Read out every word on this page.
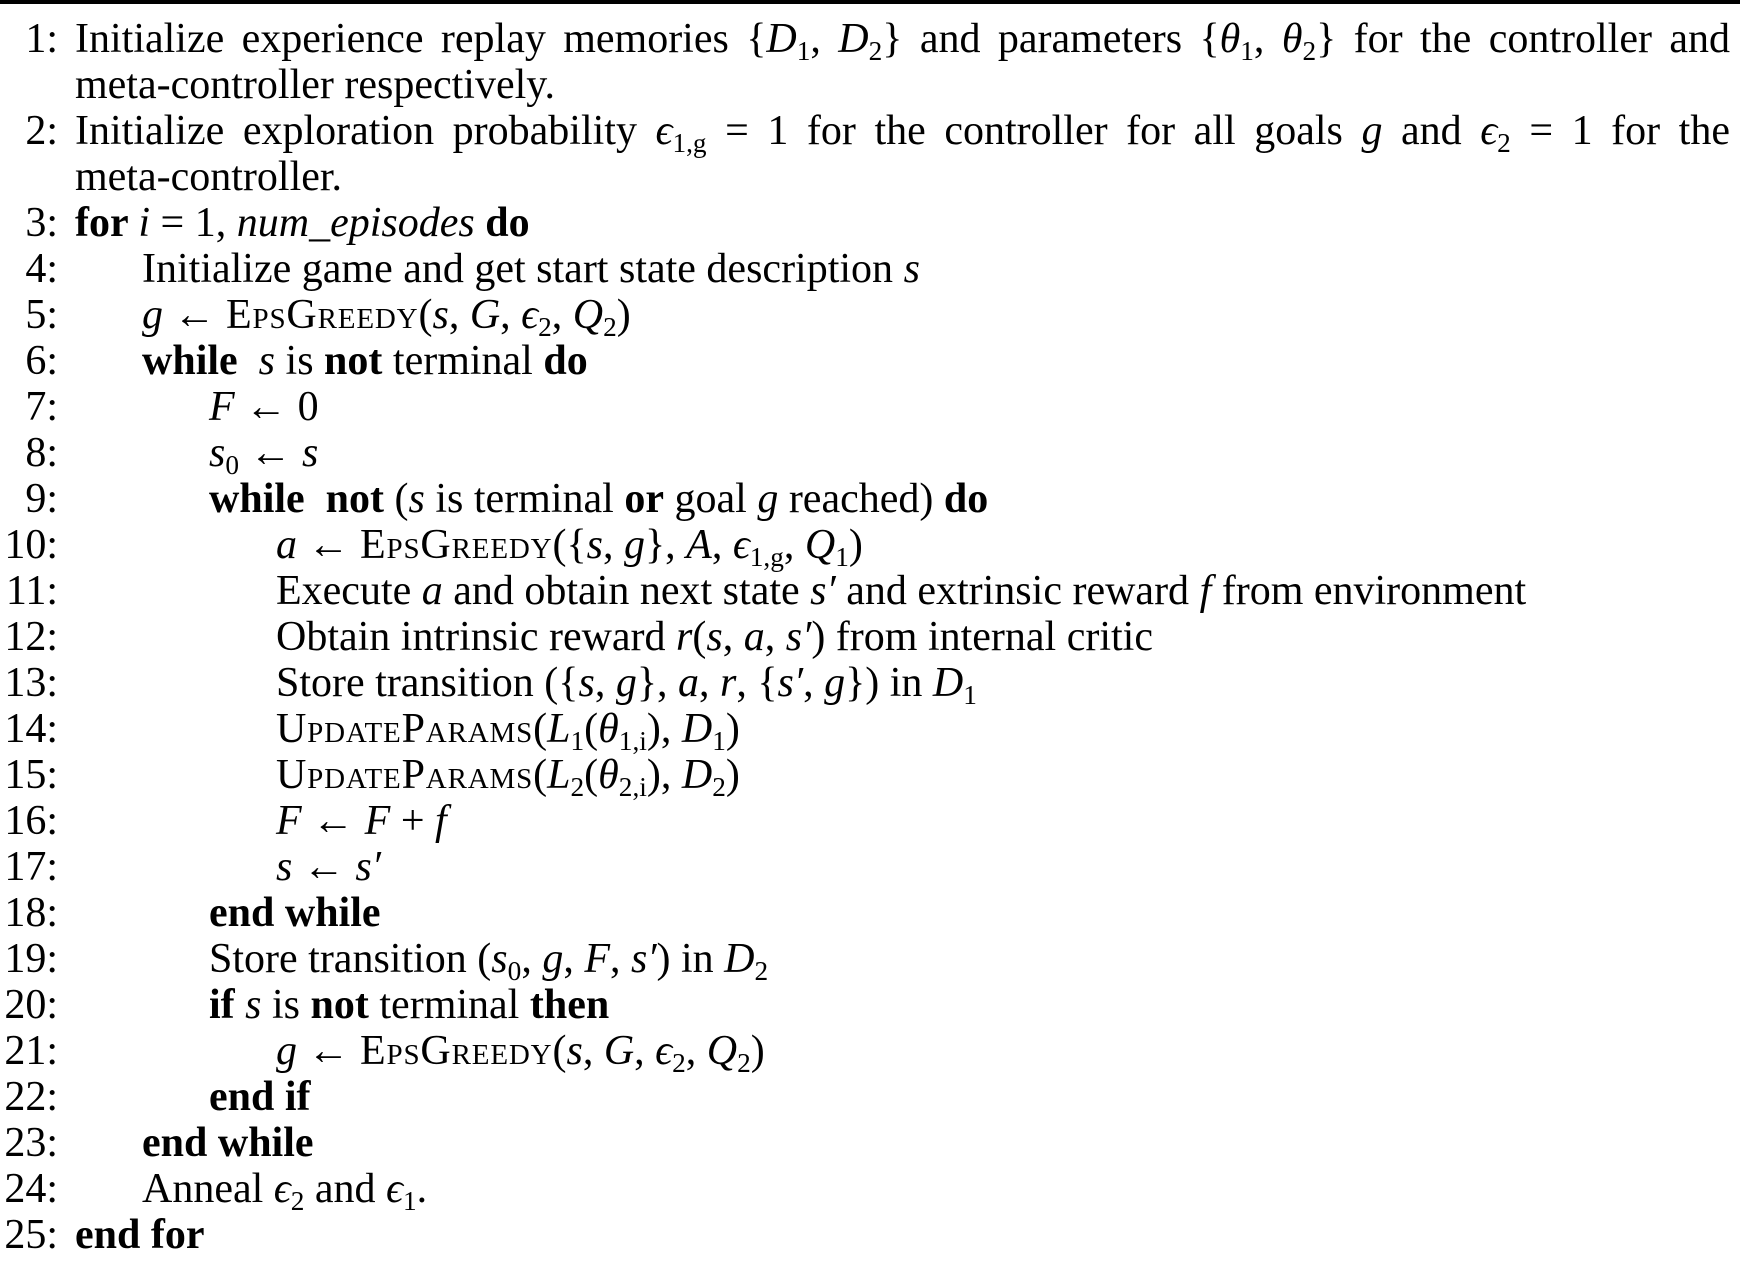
1: Initialize experience replay memories {D1, D2} and parameters {θ1, θ2} for the controller and
meta-controller respectively.
2: Initialize exploration probability ϵ1,g = 1 for the controller for all goals g and ϵ2 = 1 for the
meta-controller.
3: for i = 1, num_episodes do
4:	Initialize game and get start state description s
5:	g ← EpsGreedy(s, G, ϵ2, Q2)
6:	while s is not terminal do
7:	F ← 0
8:	s0 ← s
9:	while not (s is terminal or goal g reached) do
10:	a ← EpsGreedy({s, g}, A, ϵ1,g, Q1)
11:	Execute a and obtain next state s′ and extrinsic reward f from environment
12:	Obtain intrinsic reward r(s, a, s′) from internal critic
13:	Store transition ({s, g}, a, r, {s′, g}) in D1
14:	UpdateParams(L1(θ1,i), D1)
15:	UpdateParams(L2(θ2,i), D2)
16:	F ← F + f
17:	s ← s′
18:	end while
19:	Store transition (s0, g, F, s′) in D2
20:	if s is not terminal then
21:	g ← EpsGreedy(s, G, ϵ2, Q2)
22:	end if
23:	end while
24:	Anneal ϵ2 and ϵ1.
25: end for
